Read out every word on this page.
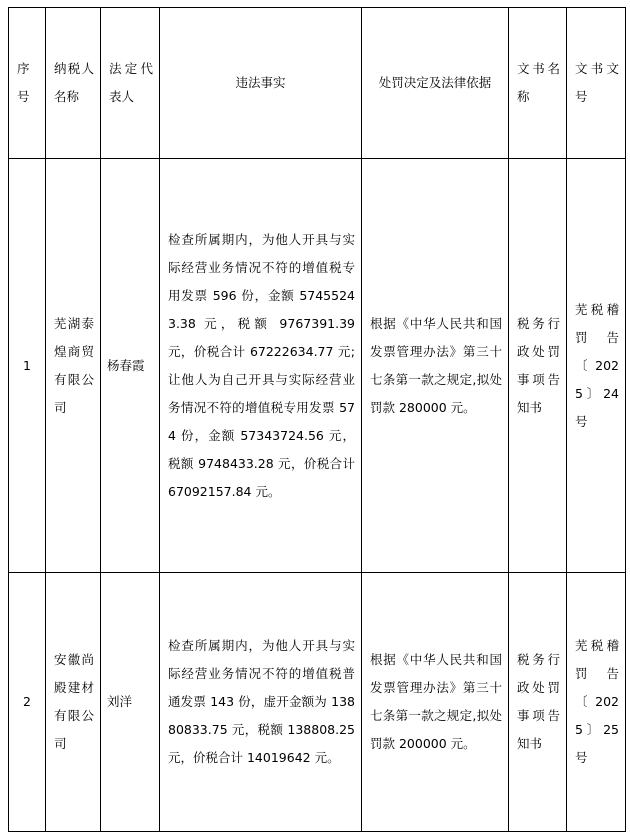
序号	纳税人名称	法定代表人	违法事实	处罚决定及法律依据	文书名称	文书文号
1	芜湖泰煌商贸有限公司	杨春霞	检查所属期内，为他人开具与实际经营业务情况不符的增值税专用发票 596 份，金额 57455243.38 元，税额 9767391.39 元，价税合计 67222634.77 元;让他人为自己开具与实际经营业务情况不符的增值税专用发票 574 份，金额 57343724.56 元，税额 9748433.28 元，价税合计 67092157.84 元。	根据《中华人民共和国发票管理办法》第三十七条第一款之规定,拟处罚款 280000 元。	税务行政处罚事项告知书	芜税稽罚告〔2025〕24 号
2	安徽尚殿建材有限公司	刘洋	检查所属期内，为他人开具与实际经营业务情况不符的增值税普通发票 143 份，虚开金额为 13880833.75 元，税额 138808.25 元，价税合计 14019642 元。	根据《中华人民共和国发票管理办法》第三十七条第一款之规定,拟处罚款 200000 元。	税务行政处罚事项告知书	芜税稽罚告〔2025〕25 号
